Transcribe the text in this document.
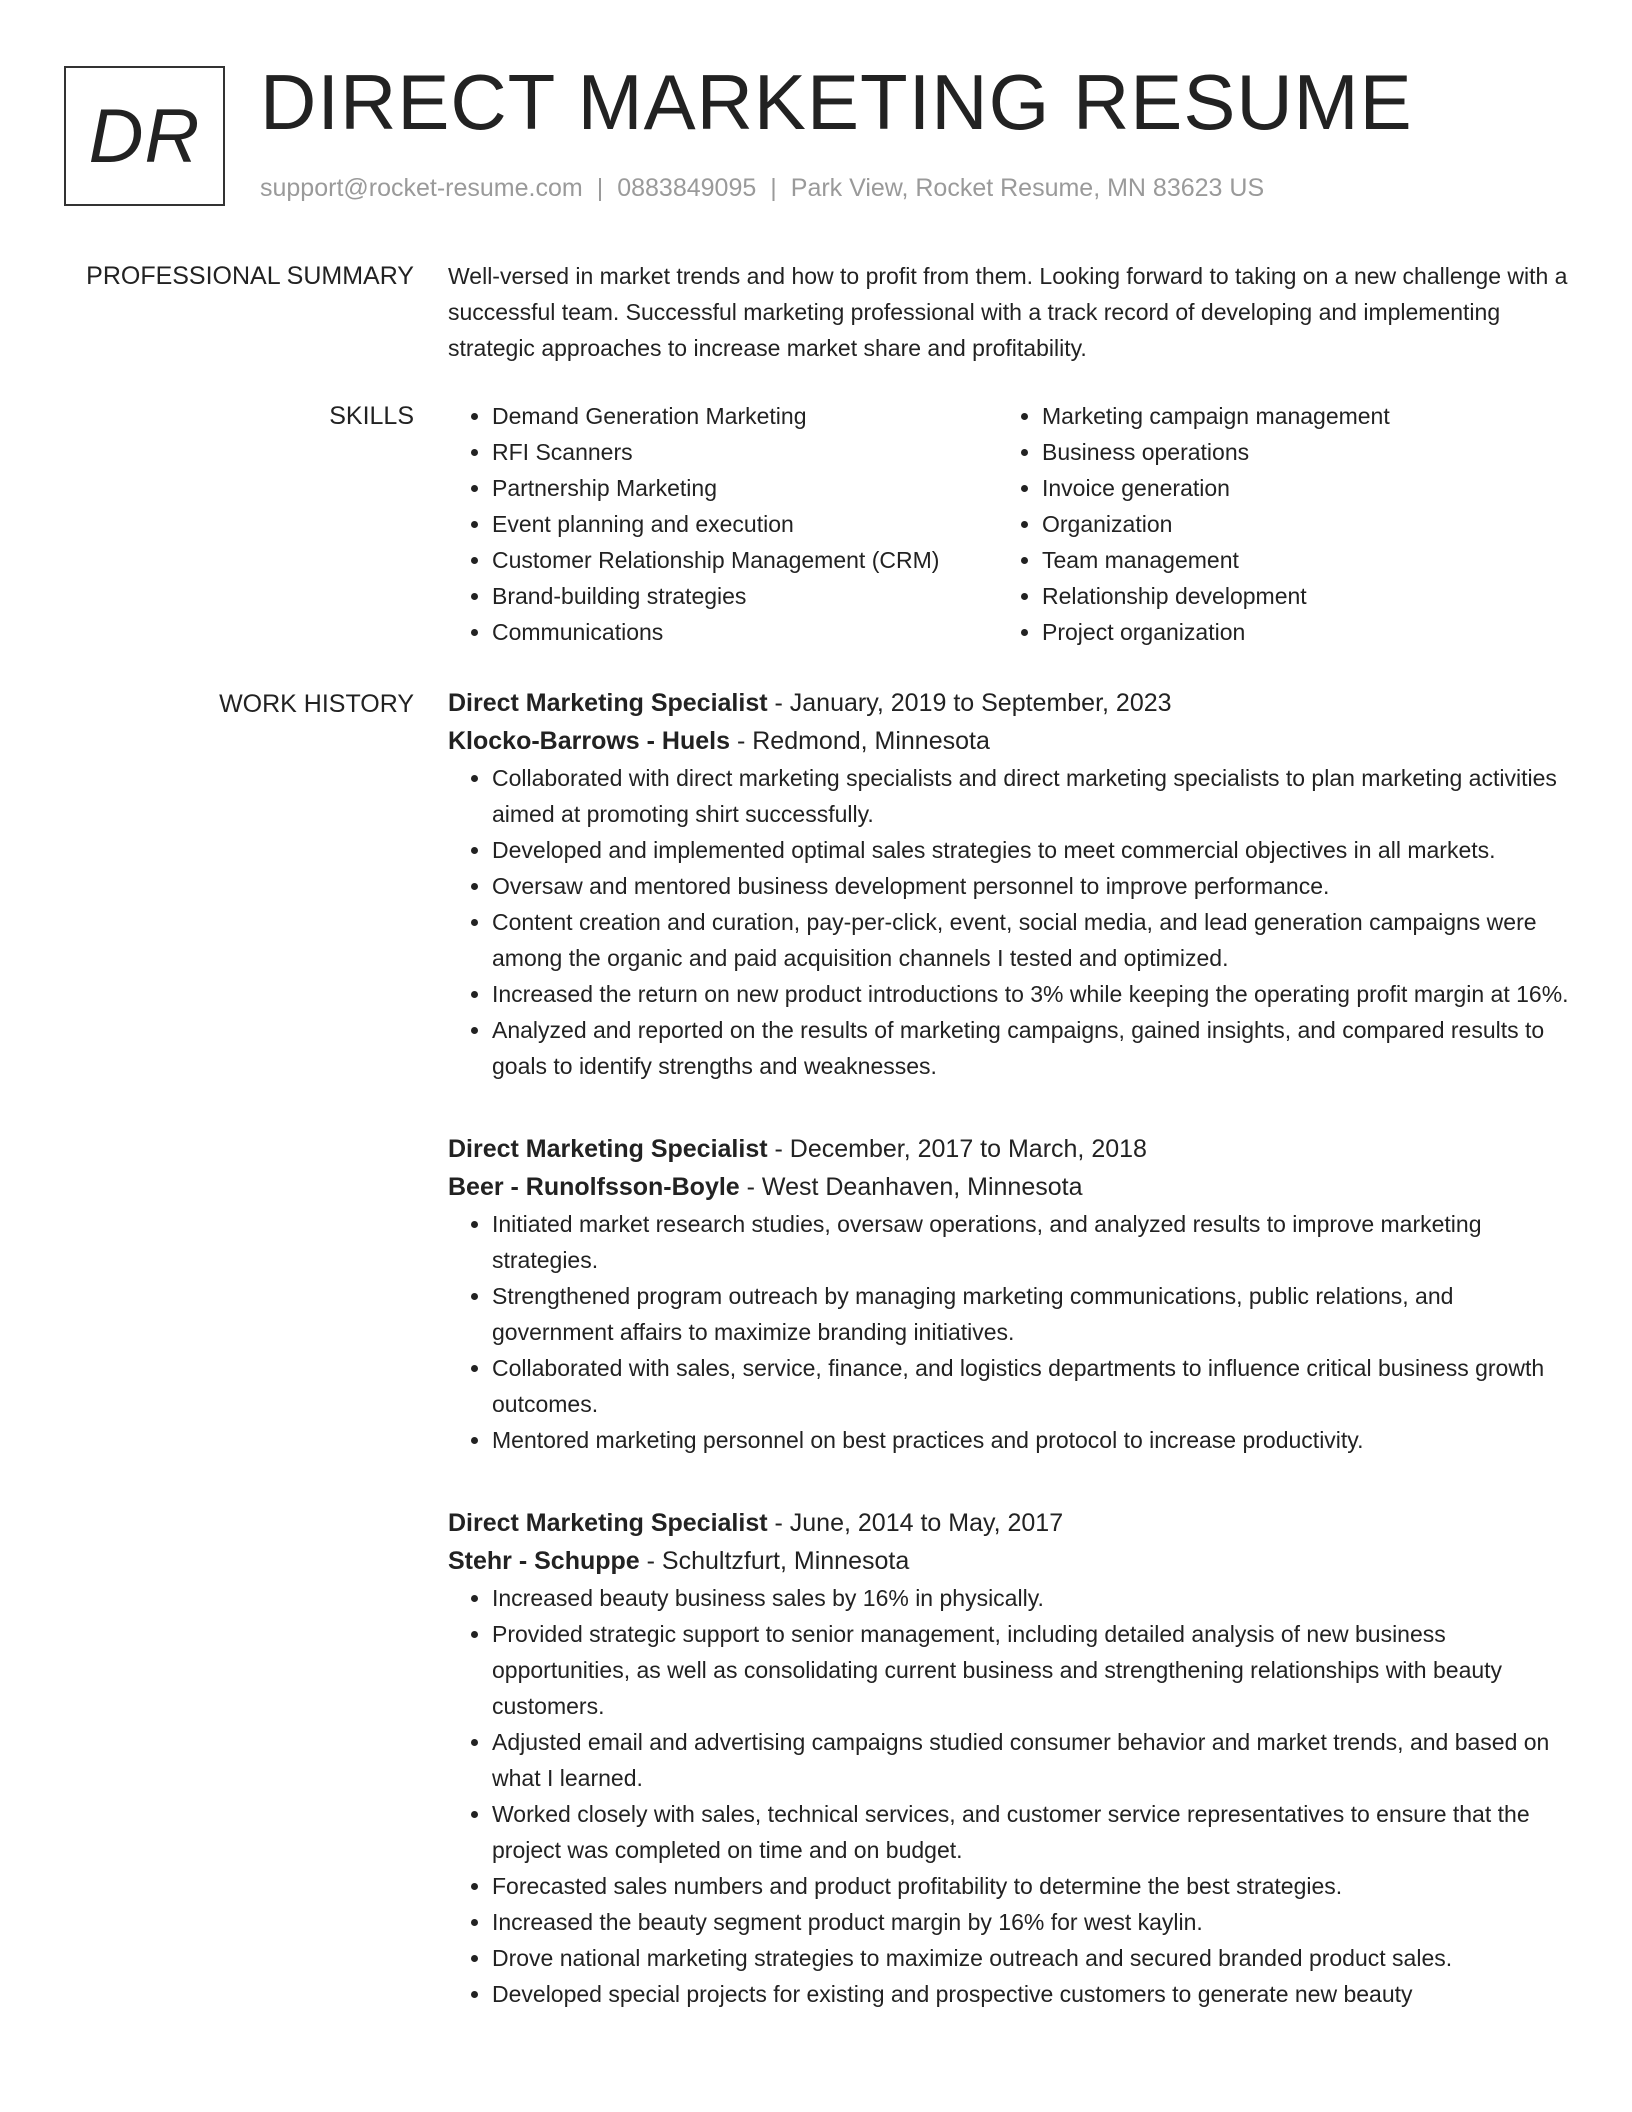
DR DIRECT MARKETING RESUME
support@rocket-resume.com | 0883849095 | Park View, Rocket Resume, MN 83623 US
PROFESSIONAL SUMMARY Well-versed in market trends and how to profit from them. Looking forward to taking on a new challenge with a successful team. Successful marketing professional with a track record of developing and implementing strategic approaches to increase market share and profitability.

SKILLS
•	Demand Generation Marketing
• RFI Scanners
• Partnership Marketing
• Event planning and execution
• Customer Relationship Management (CRM)
• Brand-building strategies
• Communications
• Marketing campaign management
• Business operations
• Invoice generation
• Organization
• Team management
• Relationship development
• Project organization
WORK HISTORY Direct Marketing Specialist - January, 2019 to September, 2023
Klocko-Barrows - Huels - Redmond, Minnesota
• Collaborated with direct marketing specialists and direct marketing specialists to plan marketing activities aimed at promoting shirt successfully.
• Developed and implemented optimal sales strategies to meet commercial objectives in all markets.
• Oversaw and mentored business development personnel to improve performance.
• Content creation and curation, pay-per-click, event, social media, and lead generation campaigns were among the organic and paid acquisition channels I tested and optimized.
• Increased the return on new product introductions to 3% while keeping the operating profit margin at 16%.
• Analyzed and reported on the results of marketing campaigns, gained insights, and compared results to goals to identify strengths and weaknesses.
Direct Marketing Specialist - December, 2017 to March, 2018
Beer - Runolfsson-Boyle - West Deanhaven, Minnesota
• Initiated market research studies, oversaw operations, and analyzed results to improve marketing strategies.
• Strengthened program outreach by managing marketing communications, public relations, and government affairs to maximize branding initiatives.
• Collaborated with sales, service, finance, and logistics departments to influence critical business growth outcomes.
• Mentored marketing personnel on best practices and protocol to increase productivity.
Direct Marketing Specialist - June, 2014 to May, 2017
Stehr - Schuppe - Schultzfurt, Minnesota
• Increased beauty business sales by 16% in physically.
• Provided strategic support to senior management, including detailed analysis of new business opportunities, as well as consolidating current business and strengthening relationships with beauty customers.
• Adjusted email and advertising campaigns studied consumer behavior and market trends, and based on what I learned.
• Worked closely with sales, technical services, and customer service representatives to ensure that the project was completed on time and on budget.
• Forecasted sales numbers and product profitability to determine the best strategies.
• Increased the beauty segment product margin by 16% for west kaylin.
• Drove national marketing strategies to maximize outreach and secured branded product sales.
• Developed special projects for existing and prospective customers to generate new beauty
